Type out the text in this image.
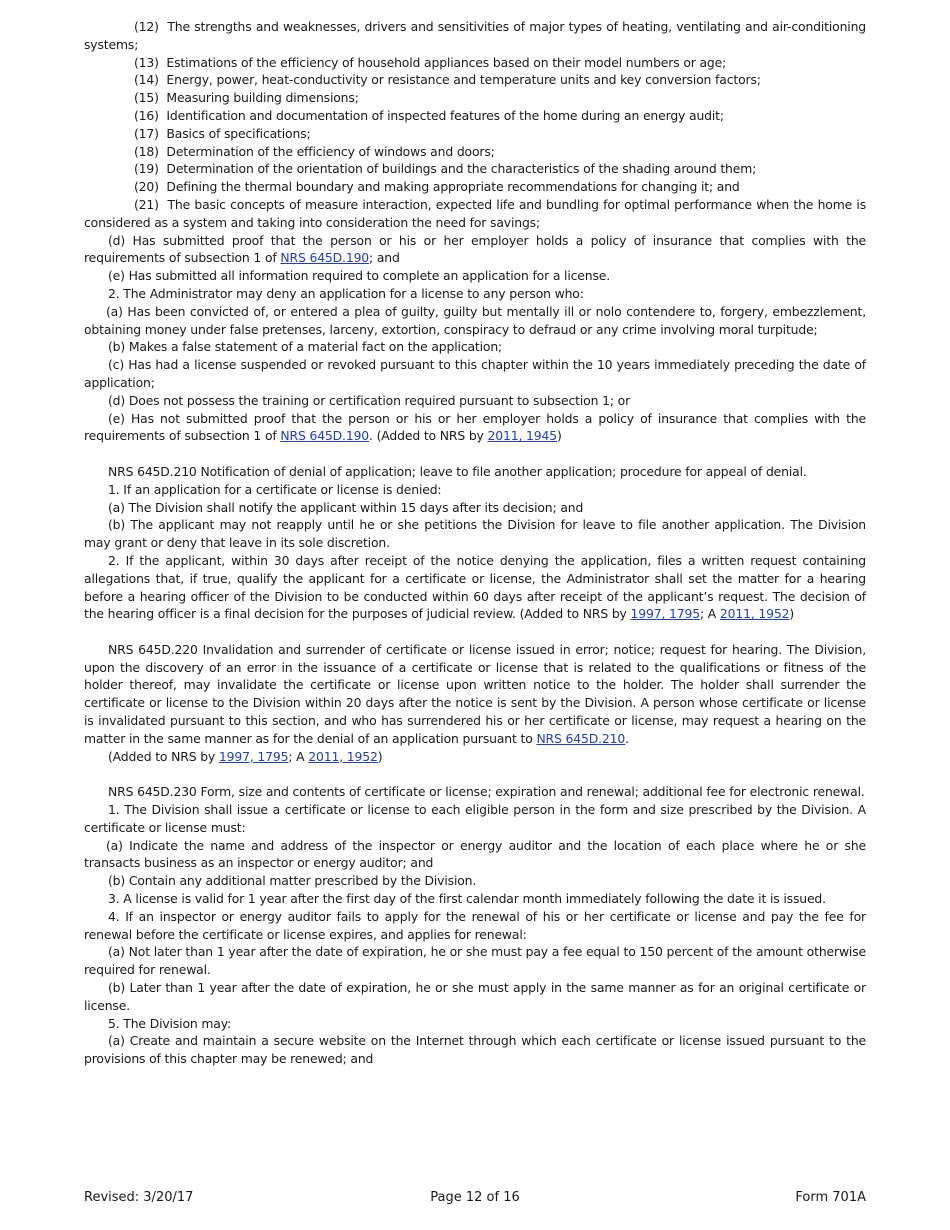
(12) The strengths and weaknesses, drivers and sensitivities of major types of heating, ventilating and air-conditioning systems;

(13) Estimations of the efficiency of household appliances based on their model numbers or age;

(14) Energy, power, heat-conductivity or resistance and temperature units and key conversion factors;

(15) Measuring building dimensions;

(16) Identification and documentation of inspected features of the home during an energy audit;

(17) Basics of specifications;

(18) Determination of the efficiency of windows and doors;

(19) Determination of the orientation of buildings and the characteristics of the shading around them;

(20) Defining the thermal boundary and making appropriate recommendations for changing it; and

(21) The basic concepts of measure interaction, expected life and bundling for optimal performance when the home is considered as a system and taking into consideration the need for savings;

(d) Has submitted proof that the person or his or her employer holds a policy of insurance that complies with the requirements of subsection 1 of NRS 645D.190; and

(e) Has submitted all information required to complete an application for a license.

2. The Administrator may deny an application for a license to any person who:

(a) Has been convicted of, or entered a plea of guilty, guilty but mentally ill or nolo contendere to, forgery, embezzlement, obtaining money under false pretenses, larceny, extortion, conspiracy to defraud or any crime involving moral turpitude;

(b) Makes a false statement of a material fact on the application;

(c) Has had a license suspended or revoked pursuant to this chapter within the 10 years immediately preceding the date of application;

(d) Does not possess the training or certification required pursuant to subsection 1; or

(e) Has not submitted proof that the person or his or her employer holds a policy of insurance that complies with the requirements of subsection 1 of NRS 645D.190. (Added to NRS by 2011, 1945)

NRS 645D.210 Notification of denial of application; leave to file another application; procedure for appeal of denial.

1. If an application for a certificate or license is denied:

(a) The Division shall notify the applicant within 15 days after its decision; and

(b) The applicant may not reapply until he or she petitions the Division for leave to file another application. The Division may grant or deny that leave in its sole discretion.

2. If the applicant, within 30 days after receipt of the notice denying the application, files a written request containing allegations that, if true, qualify the applicant for a certificate or license, the Administrator shall set the matter for a hearing before a hearing officer of the Division to be conducted within 60 days after receipt of the applicant’s request. The decision of the hearing officer is a final decision for the purposes of judicial review. (Added to NRS by 1997, 1795; A 2011, 1952)

NRS 645D.220 Invalidation and surrender of certificate or license issued in error; notice; request for hearing. The Division, upon the discovery of an error in the issuance of a certificate or license that is related to the qualifications or fitness of the holder thereof, may invalidate the certificate or license upon written notice to the holder. The holder shall surrender the certificate or license to the Division within 20 days after the notice is sent by the Division. A person whose certificate or license is invalidated pursuant to this section, and who has surrendered his or her certificate or license, may request a hearing on the matter in the same manner as for the denial of an application pursuant to NRS 645D.210.

(Added to NRS by 1997, 1795; A 2011, 1952)

NRS 645D.230 Form, size and contents of certificate or license; expiration and renewal; additional fee for electronic renewal.

1. The Division shall issue a certificate or license to each eligible person in the form and size prescribed by the Division. A certificate or license must:

(a) Indicate the name and address of the inspector or energy auditor and the location of each place where he or she transacts business as an inspector or energy auditor; and

(b) Contain any additional matter prescribed by the Division.

3. A license is valid for 1 year after the first day of the first calendar month immediately following the date it is issued.

4. If an inspector or energy auditor fails to apply for the renewal of his or her certificate or license and pay the fee for renewal before the certificate or license expires, and applies for renewal:

(a) Not later than 1 year after the date of expiration, he or she must pay a fee equal to 150 percent of the amount otherwise required for renewal.

(b) Later than 1 year after the date of expiration, he or she must apply in the same manner as for an original certificate or license.

5. The Division may:

(a) Create and maintain a secure website on the Internet through which each certificate or license issued pursuant to the provisions of this chapter may be renewed; and

Revised: 3/20/17	Page 12 of 16	Form 701A
